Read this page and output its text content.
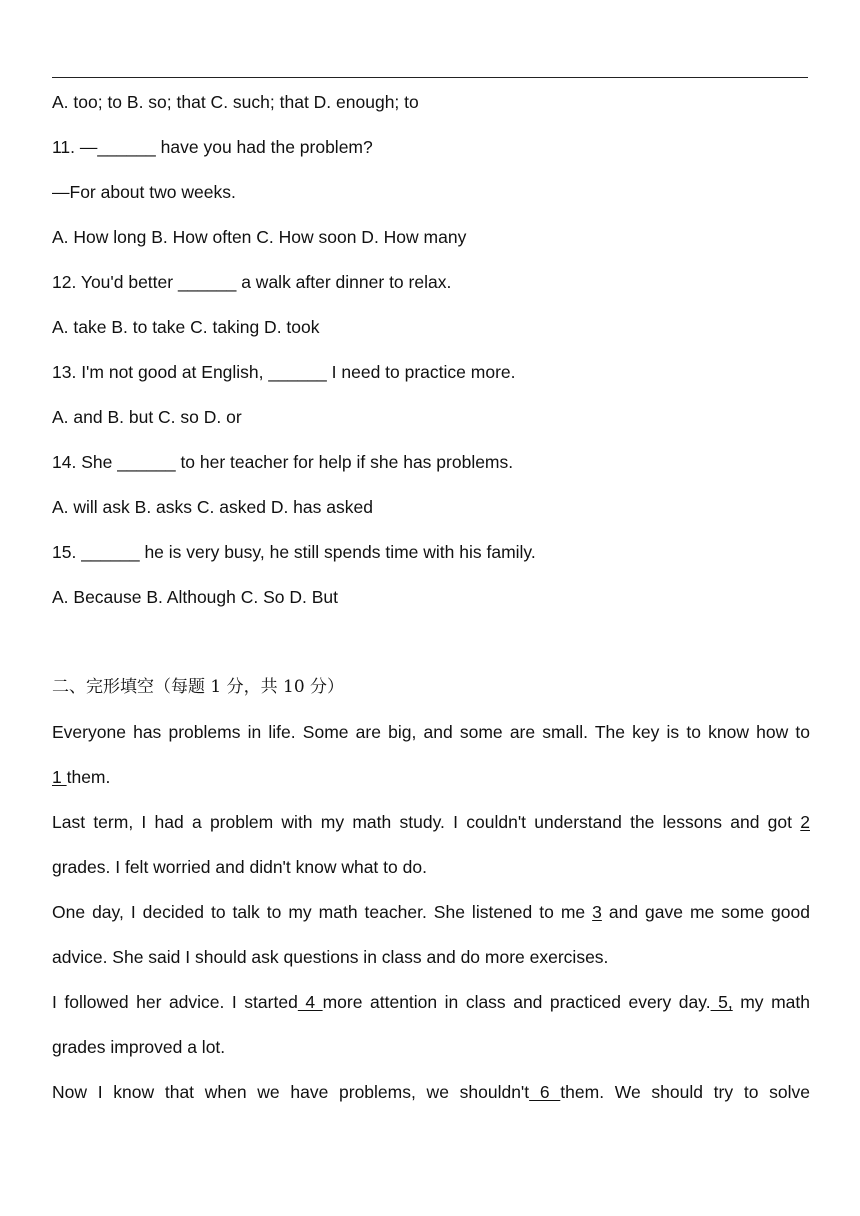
A. too; to B. so; that C. such; that D. enough; to
11. —______ have you had the problem?
—For about two weeks.
A. How long B. How often C. How soon D. How many
12. You'd better ______ a walk after dinner to relax.
A. take B. to take C. taking D. took
13. I'm not good at English, ______ I need to practice more.
A. and B. but C. so D. or
14. She ______ to her teacher for help if she has problems.
A. will ask B. asks C. asked D. has asked
15. ______ he is very busy, he still spends time with his family.
A. Because B. Although C. So D. But
二、完形填空（每题 1 分，共 10 分）
Everyone has problems in life. Some are big, and some are small. The key is to know how to
1 them.
Last term, I had a problem with my math study. I couldn't understand the lessons and got 2
grades. I felt worried and didn't know what to do.
One day, I decided to talk to my math teacher. She listened to me 3 and gave me some good
advice. She said I should ask questions in class and do more exercises.
I followed her advice. I started 4 more attention in class and practiced every day. 5, my math
grades improved a lot.
Now I know that when we have problems, we shouldn't 6 them. We should try to solve
